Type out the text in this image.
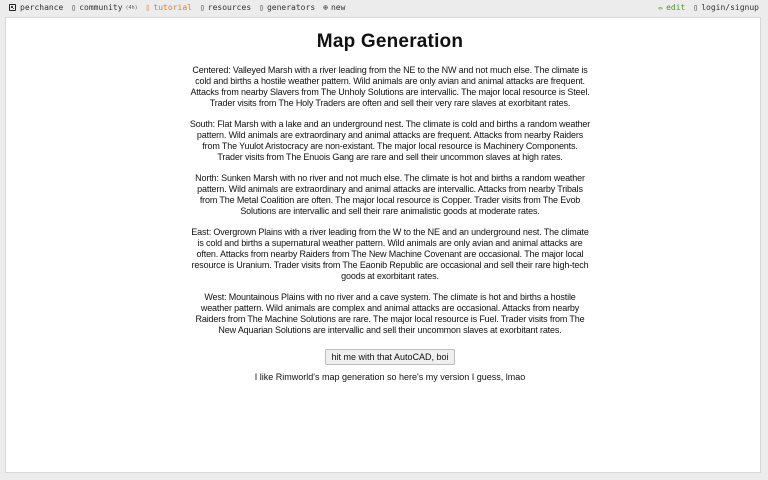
perchance ▯ community (4h) ▯ tutorial ▯ resources ▯ generators ⊕ new	✏ edit ▯ login/signup
Map Generation

Centered: Valleyed Marsh with a river leading from the NE to the NW and not much else. The climate is cold and births a hostile weather pattern. Wild animals are only avian and animal attacks are frequent. Attacks from nearby Slavers from The Unholy Solutions are intervallic. The major local resource is Steel. Trader visits from The Holy Traders are often and sell their very rare slaves at exorbitant rates.

South: Flat Marsh with a lake and an underground nest. The climate is cold and births a random weather pattern. Wild animals are extraordinary and animal attacks are frequent. Attacks from nearby Raiders from The Yuulot Aristocracy are non-existant. The major local resource is Machinery Components. Trader visits from The Enuois Gang are rare and sell their uncommon slaves at high rates.

North: Sunken Marsh with no river and not much else. The climate is hot and births a random weather pattern. Wild animals are extraordinary and animal attacks are intervallic. Attacks from nearby Tribals from The Metal Coalition are often. The major local resource is Copper. Trader visits from The Evob Solutions are intervallic and sell their rare animalistic goods at moderate rates.

East: Overgrown Plains with a river leading from the W to the NE and an underground nest. The climate is cold and births a supernatural weather pattern. Wild animals are only avian and animal attacks are often. Attacks from nearby Raiders from The New Machine Covenant are occasional. The major local resource is Uranium. Trader visits from The Eaonib Republic are occasional and sell their rare high-tech goods at exorbitant rates.

West: Mountainous Plains with no river and a cave system. The climate is hot and births a hostile weather pattern. Wild animals are complex and animal attacks are occasional. Attacks from nearby Raiders from The Machine Solutions are rare. The major local resource is Fuel. Trader visits from The New Aquarian Solutions are intervallic and sell their uncommon slaves at exorbitant rates.

hit me with that AutoCAD, boi
I like Rimworld's map generation so here's my version I guess, lmao
